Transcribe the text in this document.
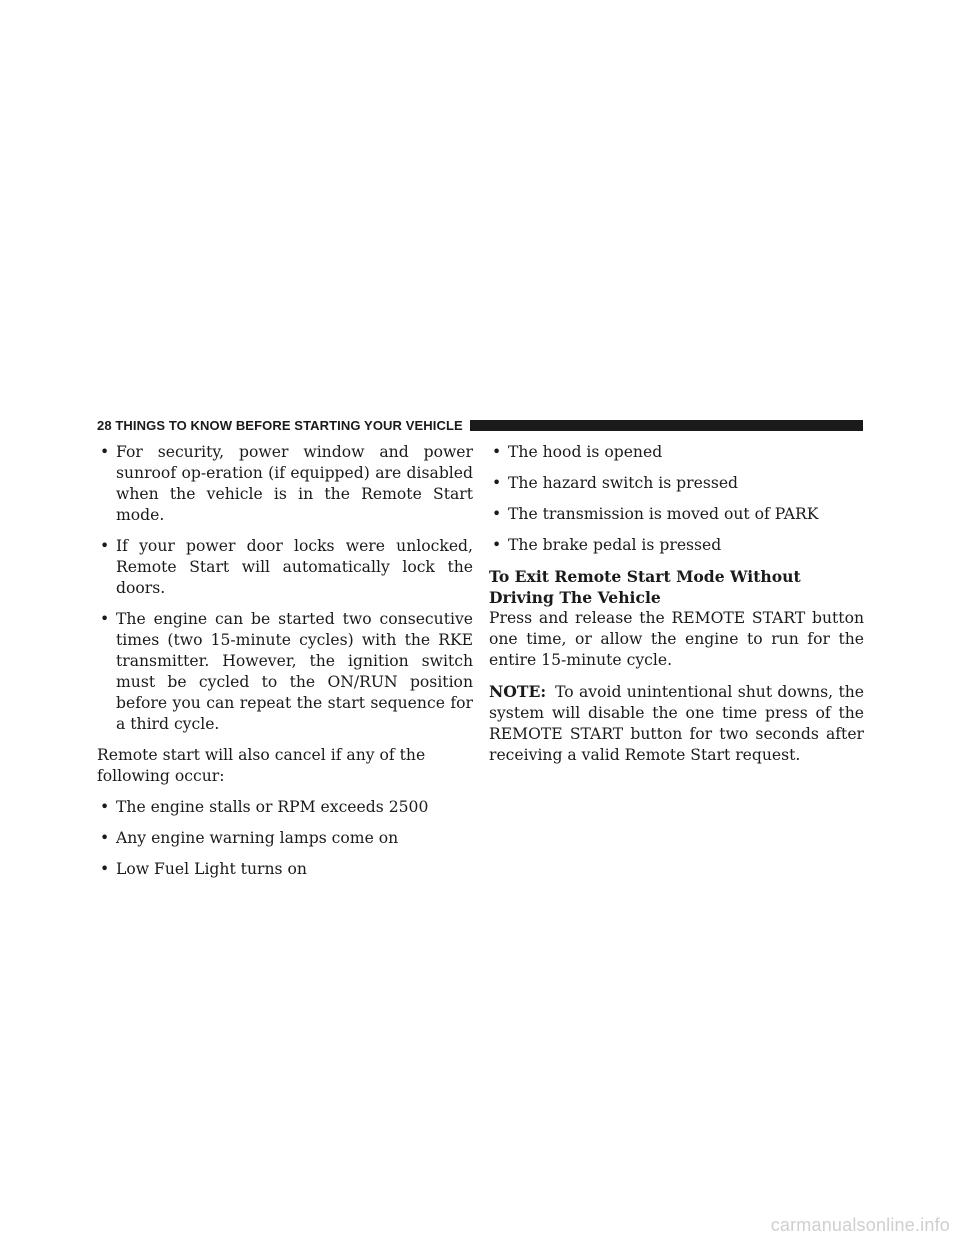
28 THINGS TO KNOW BEFORE STARTING YOUR VEHICLE
• For security, power window and power sunroof op-eration (if equipped) are disabled when the vehicle is in the Remote Start mode.
• If your power door locks were unlocked, Remote Start will automatically lock the doors.
• The engine can be started two consecutive times (two 15-minute cycles) with the RKE transmitter. However, the ignition switch must be cycled to the ON/RUN position before you can repeat the start sequence for a third cycle.
Remote start will also cancel if any of the following occur:
• The engine stalls or RPM exceeds 2500
• Any engine warning lamps come on
• Low Fuel Light turns on
• The hood is opened
• The hazard switch is pressed
• The transmission is moved out of PARK
• The brake pedal is pressed
To Exit Remote Start Mode Without Driving The Vehicle
Press and release the REMOTE START button one time, or allow the engine to run for the entire 15-minute cycle.
NOTE: To avoid unintentional shut downs, the system will disable the one time press of the REMOTE START button for two seconds after receiving a valid Remote Start request.
carmanualsonline.info
